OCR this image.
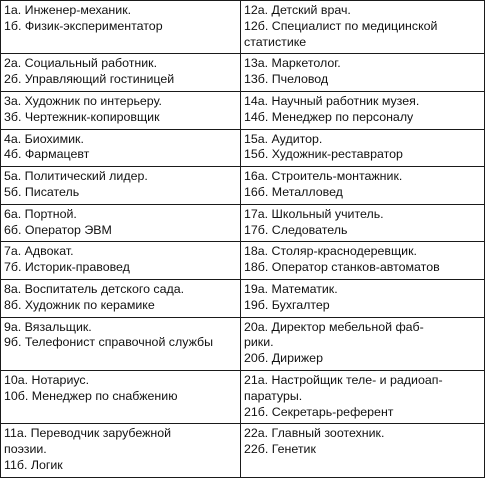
1а. Инженер-механик.
1б. Физик-экспериментатор	12а. Детский врач.
12б. Специалист по медицинской
статистике

2а. Социальный работник.
2б. Управляющий гостиницей	13а. Маркетолог.
13б. Пчеловод

3а. Художник по интерьеру.
3б. Чертежник-копировщик	14а. Научный работник музея.
14б. Менеджер по персоналу

4а. Биохимик.
4б. Фармацевт	15а. Аудитор.
15б. Художник-реставратор

5а. Политический лидер.
5б. Писатель	16а. Строитель-монтажник.
16б. Металловед

6а. Портной.
6б. Оператор ЭВМ	17а. Школьный учитель.
17б. Следователь

7а. Адвокат.
7б. Историк-правовед	18а. Столяр-краснодеревщик.
18б. Оператор станков-автоматов

8а. Воспитатель детского сада.
8б. Художник по керамике	19а. Математик.
19б. Бухгалтер

9а. Вязальщик.
9б. Телефонист справочной службы	20а. Директор мебельной фаб-
рики.
20б. Дирижер

10а. Нотариус.
10б. Менеджер по снабжению	21а. Настройщик теле- и радиоап-
паратуры.
21б. Секретарь-референт

11а. Переводчик зарубежной
поэзии.
11б. Логик	22а. Главный зоотехник.
22б. Генетик
